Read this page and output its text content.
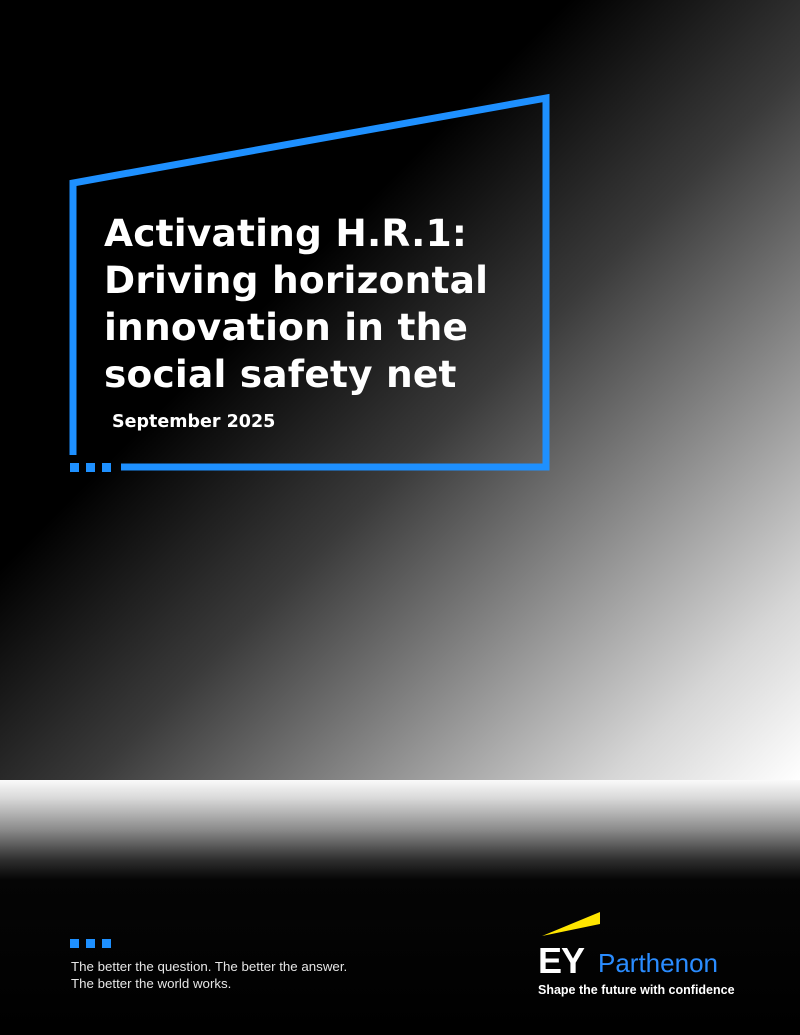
Activating H.R.1:
Driving horizontal
innovation in the
social safety net
September 2025
The better the question. The better the answer.
The better the world works.
EY Parthenon
Shape the future with confidence
